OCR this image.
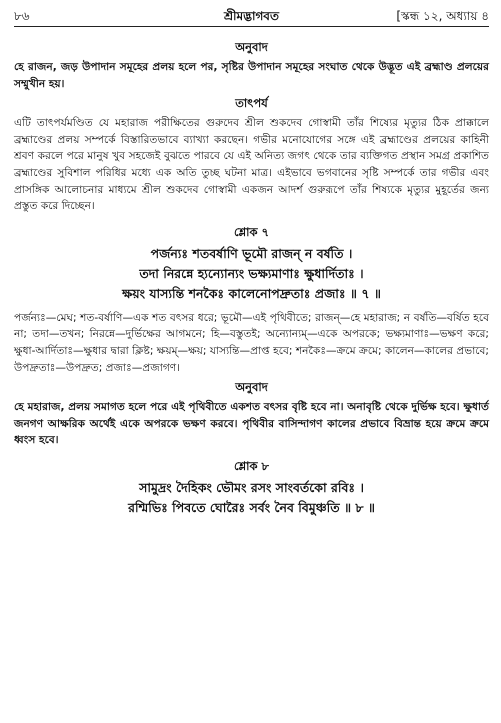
৮৬	শ্রীমদ্ভাগবত	[স্কন্ধ ১২, অধ্যায় ৪
অনুবাদ

হে রাজন, জড় উপাদান সমূহের প্রলয় হলে পর, সৃষ্টির উপাদান সমূহের সংঘাত থেকে উদ্ভূত এই ব্রহ্মাণ্ড প্রলয়ের সম্মুখীন হয়।

তাৎপর্য

এটি তাৎপর্যমণ্ডিত যে মহারাজ পরীক্ষিতের গুরুদেব শ্রীল শুকদেব গোস্বামী তাঁর শিষ্যের মৃত্যুর ঠিক প্রাক্কালে ব্রহ্মাণ্ডের প্রলয় সম্পর্কে বিস্তারিতভাবে ব্যাখ্যা করছেন। গভীর মনোযোগের সঙ্গে এই ব্রহ্মাণ্ডের প্রলয়ের কাহিনী শ্রবণ করলে পরে মানুষ খুব সহজেই বুঝতে পারবে যে এই অনিত্য জগৎ থেকে তার ব্যক্তিগত প্রস্থান সমগ্র প্রকাশিত ব্রহ্মাণ্ডের সুবিশাল পরিধির মধ্যে এক অতি তুচ্ছ ঘটনা মাত্র। এইভাবে ভগবানের সৃষ্টি সম্পর্কে তার গভীর এবং প্রাসঙ্গিক আলোচনার মাধ্যমে শ্রীল শুকদেব গোস্বামী একজন আদর্শ গুরুরূপে তাঁর শিষ্যকে মৃত্যুর মুহূর্তের জন্য প্রস্তুত করে দিচ্ছেন।

শ্লোক ৭

পর্জন্যঃ শতবর্ষাণি ভূমৌ রাজন্ ন বর্ষতি ।

তদা নিরন্নে হ্যন্যোন্যং ভক্ষ্যমাণাঃ ক্ষুধার্দিতাঃ ।

ক্ষয়ং যাস্যন্তি শনকৈঃ কালেনোপদ্রুতাঃ প্রজাঃ ॥ ৭ ॥

পর্জন্যঃ—মেঘ; শত-বর্ষাণি—এক শত বৎসর ধরে; ভূমৌ—এই পৃথিবীতে; রাজন্—হে মহারাজ; ন বর্ষতি—বর্ষিত হবে না; তদা—তখন; নিরন্নে—দুর্ভিক্ষের আগমনে; হি—বস্তুতই; অন্যোন্যম্—একে অপরকে; ভক্ষ্যমাণাঃ—ভক্ষণ করে; ক্ষুধা-আর্দিতাঃ—ক্ষুধার দ্বারা ক্লিষ্ট; ক্ষয়ম্—ক্ষয়; যাস্যন্তি—প্রাপ্ত হবে; শনকৈঃ—ক্রমে ক্রমে; কালেন—কালের প্রভাবে; উপদ্রুতাঃ—উপদ্রুত; প্রজাঃ—প্রজাগণ।

অনুবাদ

হে মহারাজ, প্রলয় সমাগত হলে পরে এই পৃথিবীতে একশত বৎসর বৃষ্টি হবে না। অনাবৃষ্টি থেকে দুর্ভিক্ষ হবে। ক্ষুধার্ত জনগণ আক্ষরিক অর্থেই একে অপরকে ভক্ষণ করবে। পৃথিবীর বাসিন্দাগণ কালের প্রভাবে বিভ্রান্ত হয়ে ক্রমে ক্রমে ধ্বংস হবে।

শ্লোক ৮

সামুদ্রং দৈহিকং ভৌমং রসং সাংবর্তকো রবিঃ ।

রশ্মিভিঃ পিবতে ঘোরৈঃ সর্বং নৈব বিমুঞ্চতি ॥ ৮ ॥
